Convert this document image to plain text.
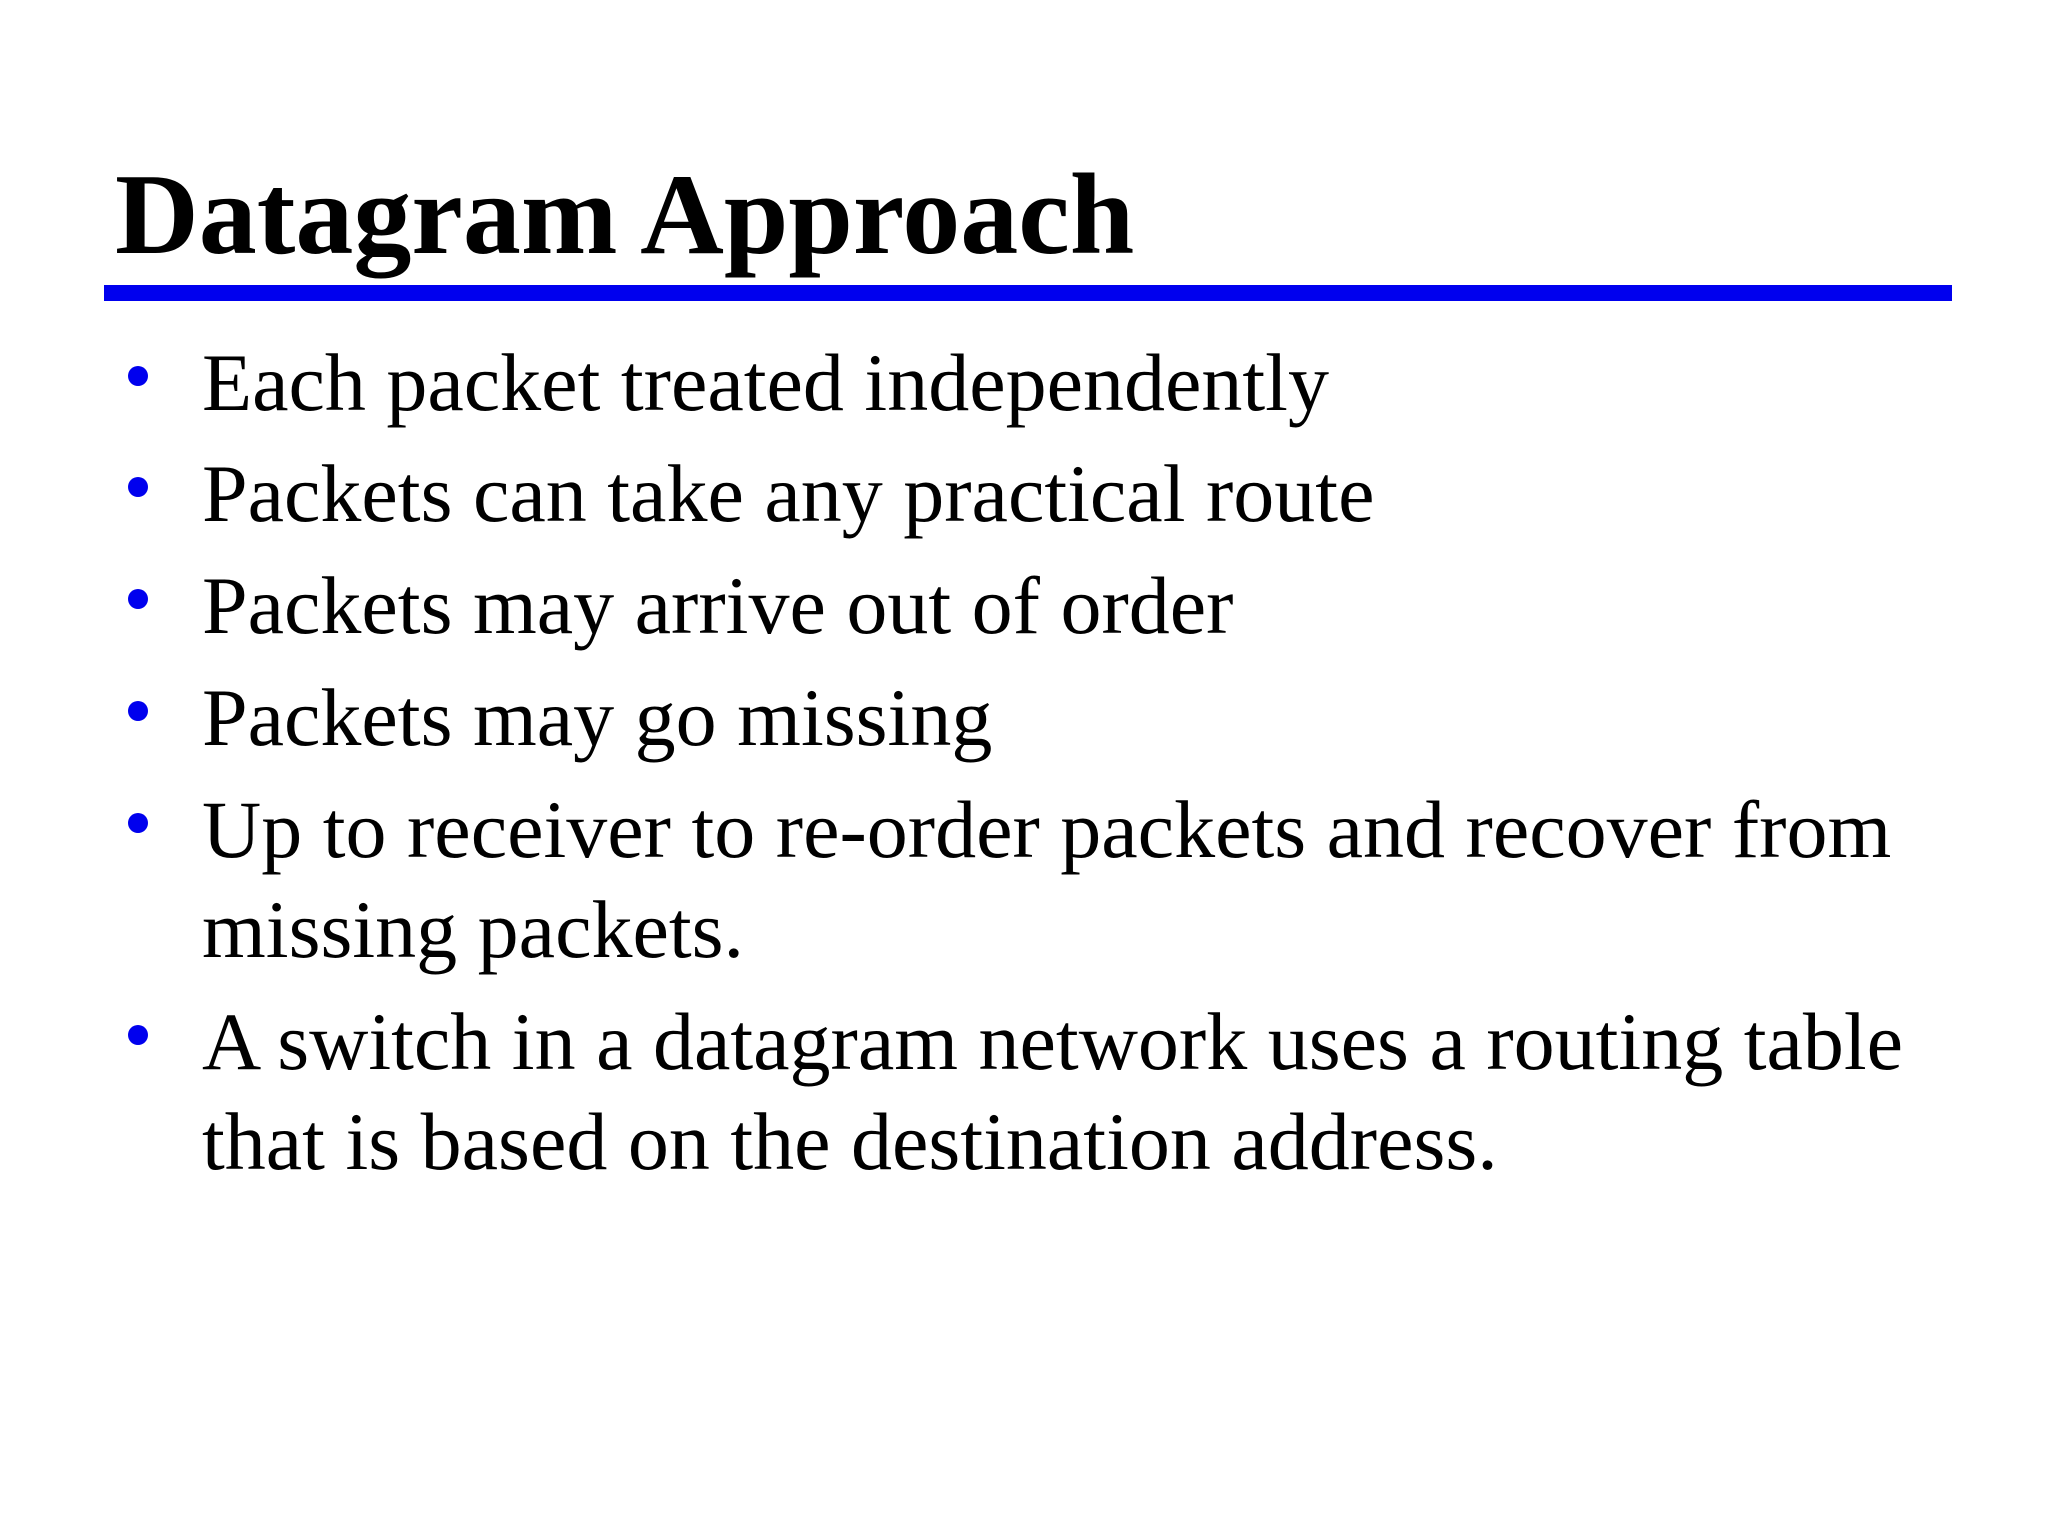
Datagram Approach
Each packet treated independently
Packets can take any practical route
Packets may arrive out of order
Packets may go missing
Up to receiver to re-order packets and recover from
missing packets.
A switch in a datagram network uses a routing table
that is based on the destination address.
